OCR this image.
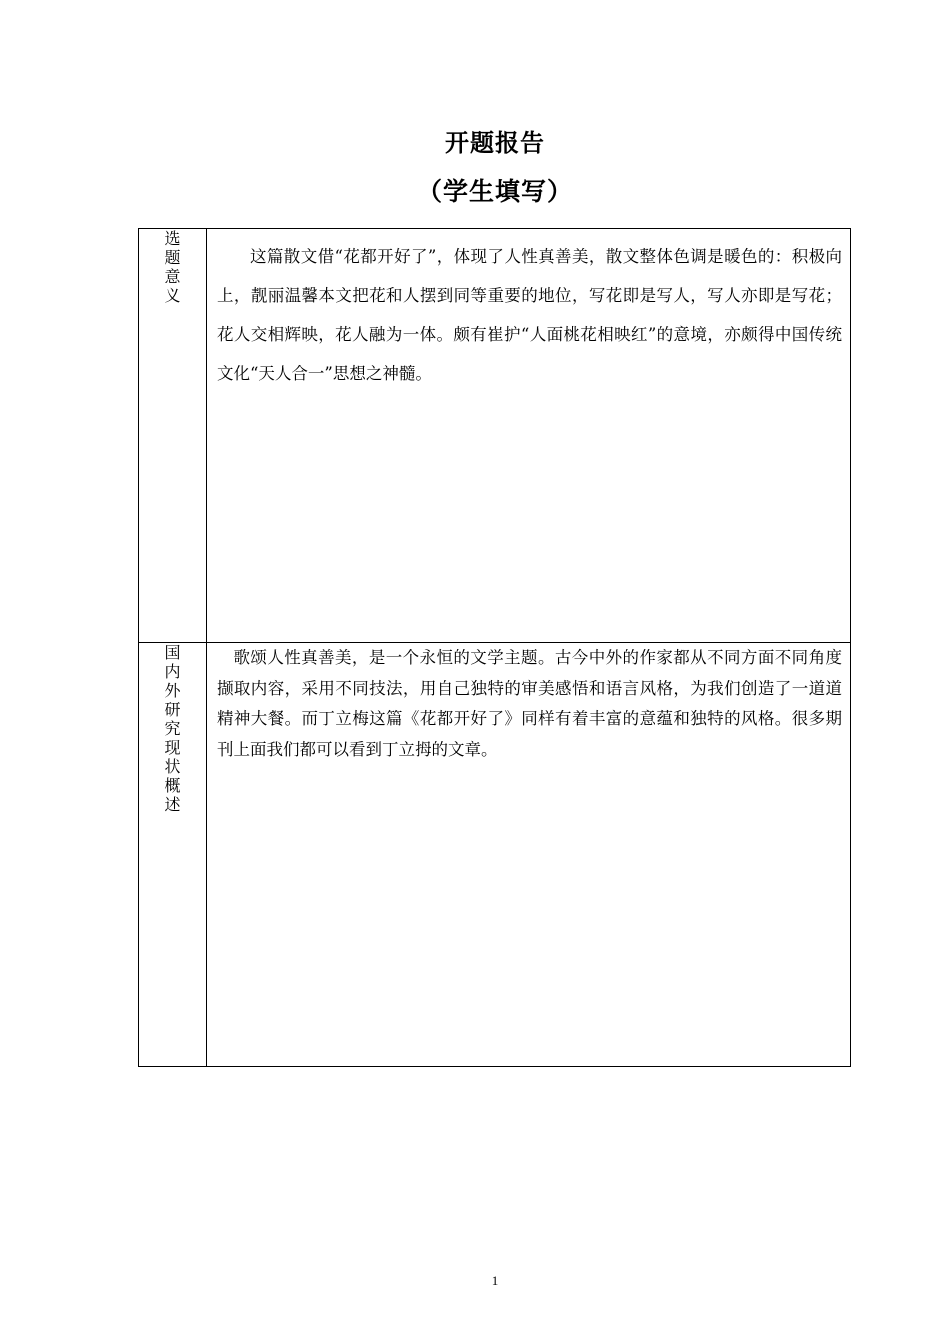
开题报告
（学生填写）
选题意义	这篇散文借“花都开好了”，体现了人性真善美，散文整体色调是暖色的：积极向上，靓丽温馨本文把花和人摆到同等重要的地位，写花即是写人，写人亦即是写花；花人交相辉映，花人融为一体。颇有崔护“人面桃花相映红”的意境，亦颇得中国传统文化“天人合一”思想之神髓。

国内外研究现状概述	歌颂人性真善美，是一个永恒的文学主题。古今中外的作家都从不同方面不同角度撷取内容，采用不同技法，用自己独特的审美感悟和语言风格，为我们创造了一道道精神大餐。而丁立梅这篇《花都开好了》同样有着丰富的意蕴和独特的风格。很多期刊上面我们都可以看到丁立拇的文章。

1
